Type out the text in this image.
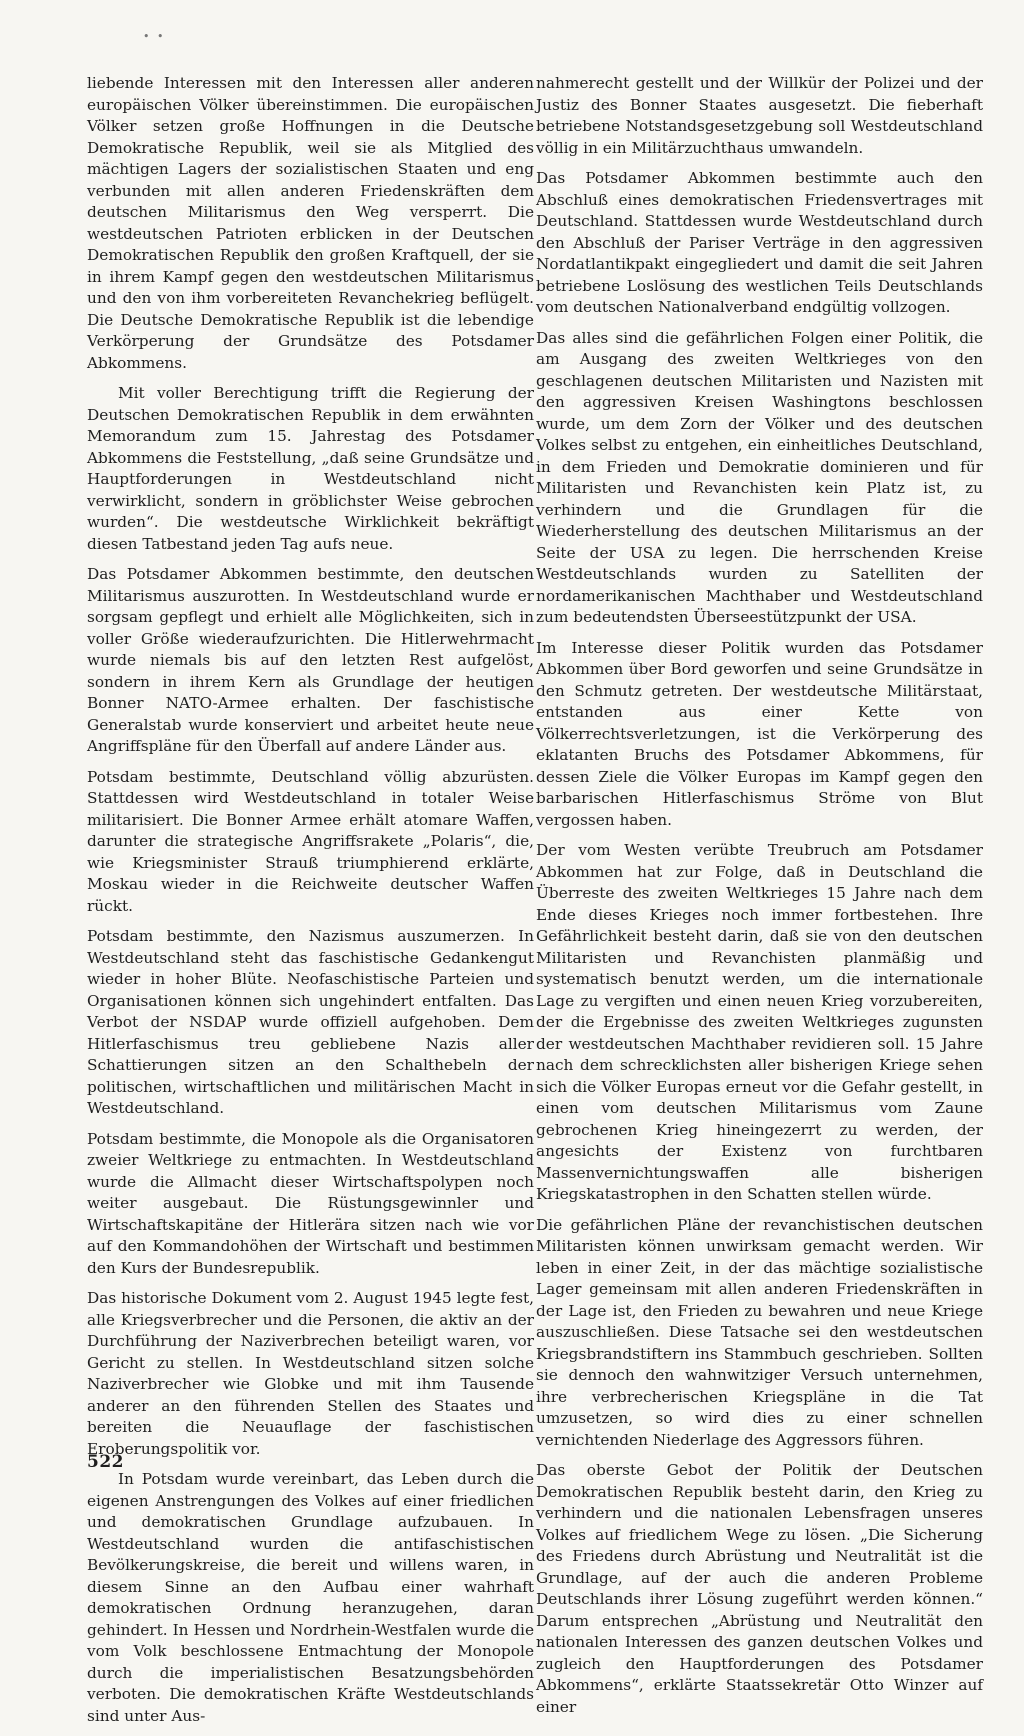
• •

liebende Interessen mit den Interessen aller anderen europäischen Völker übereinstimmen. Die europäischen Völker setzen große Hoffnungen in die Deutsche Demokratische Republik, weil sie als Mitglied des mächtigen Lagers der sozialistischen Staaten und eng verbunden mit allen anderen Friedenskräften dem deutschen Militarismus den Weg versperrt. Die westdeutschen Patrioten erblicken in der Deutschen Demokratischen Republik den großen Kraftquell, der sie in ihrem Kampf gegen den westdeutschen Militarismus und den von ihm vorbereiteten Revanchekrieg beflügelt. Die Deutsche Demokratische Republik ist die lebendige Verkörperung der Grundsätze des Potsdamer Abkommens.

Mit voller Berechtigung trifft die Regierung der Deutschen Demokratischen Republik in dem erwähnten Memorandum zum 15. Jahrestag des Potsdamer Abkommens die Feststellung, „daß seine Grundsätze und Hauptforderungen in Westdeutschland nicht verwirklicht, sondern in gröblichster Weise gebrochen wurden“. Die westdeutsche Wirklichkeit bekräftigt diesen Tatbestand jeden Tag aufs neue.

Das Potsdamer Abkommen bestimmte, den deutschen Militarismus auszurotten. In Westdeutschland wurde er sorgsam gepflegt und erhielt alle Möglichkeiten, sich in voller Größe wiederaufzurichten. Die Hitlerwehrmacht wurde niemals bis auf den letzten Rest aufgelöst, sondern in ihrem Kern als Grundlage der heutigen Bonner NATO-Armee erhalten. Der faschistische Generalstab wurde konserviert und arbeitet heute neue Angriffspläne für den Überfall auf andere Länder aus.

Potsdam bestimmte, Deutschland völlig abzurüsten. Stattdessen wird Westdeutschland in totaler Weise militarisiert. Die Bonner Armee erhält atomare Waffen, darunter die strategische Angriffsrakete „Polaris“, die, wie Kriegsminister Strauß triumphierend erklärte, Moskau wieder in die Reichweite deutscher Waffen rückt.

Potsdam bestimmte, den Nazismus auszumerzen. In Westdeutschland steht das faschistische Gedankengut wieder in hoher Blüte. Neofaschistische Parteien und Organisationen können sich ungehindert entfalten. Das Verbot der NSDAP wurde offiziell aufgehoben. Dem Hitlerfaschismus treu gebliebene Nazis aller Schattierungen sitzen an den Schalthebeln der politischen, wirtschaftlichen und militärischen Macht in Westdeutschland.

Potsdam bestimmte, die Monopole als die Organisatoren zweier Weltkriege zu entmachten. In Westdeutschland wurde die Allmacht dieser Wirtschaftspolypen noch weiter ausgebaut. Die Rüstungsgewinnler und Wirtschaftskapitäne der Hitlerära sitzen nach wie vor auf den Kommandohöhen der Wirtschaft und bestimmen den Kurs der Bundesrepublik.

Das historische Dokument vom 2. August 1945 legte fest, alle Kriegsverbrecher und die Personen, die aktiv an der Durchführung der Naziverbrechen beteiligt waren, vor Gericht zu stellen. In Westdeutschland sitzen solche Naziverbrecher wie Globke und mit ihm Tausende anderer an den führenden Stellen des Staates und bereiten die Neuauflage der faschistischen Eroberungspolitik vor.

In Potsdam wurde vereinbart, das Leben durch die eigenen Anstrengungen des Volkes auf einer friedlichen und demokratischen Grundlage aufzubauen. In Westdeutschland wurden die antifaschistischen Bevölkerungskreise, die bereit und willens waren, in diesem Sinne an den Aufbau einer wahrhaft demokratischen Ordnung heranzugehen, daran gehindert. In Hessen und Nordrhein-Westfalen wurde die vom Volk beschlossene Entmachtung der Monopole durch die imperialistischen Besatzungsbehörden verboten. Die demokratischen Kräfte Westdeutschlands sind unter Aus-

nahmerecht gestellt und der Willkür der Polizei und der Justiz des Bonner Staates ausgesetzt. Die fieberhaft betriebene Notstandsgesetzgebung soll Westdeutschland völlig in ein Militärzuchthaus umwandeln.

Das Potsdamer Abkommen bestimmte auch den Abschluß eines demokratischen Friedensvertrages mit Deutschland. Stattdessen wurde Westdeutschland durch den Abschluß der Pariser Verträge in den aggressiven Nordatlantikpakt eingegliedert und damit die seit Jahren betriebene Loslösung des westlichen Teils Deutschlands vom deutschen Nationalverband endgültig vollzogen.

Das alles sind die gefährlichen Folgen einer Politik, die am Ausgang des zweiten Weltkrieges von den geschlagenen deutschen Militaristen und Nazisten mit den aggressiven Kreisen Washingtons beschlossen wurde, um dem Zorn der Völker und des deutschen Volkes selbst zu entgehen, ein einheitliches Deutschland, in dem Frieden und Demokratie dominieren und für Militaristen und Revanchisten kein Platz ist, zu verhindern und die Grundlagen für die Wiederherstellung des deutschen Militarismus an der Seite der USA zu legen. Die herrschenden Kreise Westdeutschlands wurden zu Satelliten der nordamerikanischen Machthaber und Westdeutschland zum bedeutendsten Überseestützpunkt der USA.

Im Interesse dieser Politik wurden das Potsdamer Abkommen über Bord geworfen und seine Grundsätze in den Schmutz getreten. Der westdeutsche Militärstaat, entstanden aus einer Kette von Völkerrechtsverletzungen, ist die Verkörperung des eklatanten Bruchs des Potsdamer Abkommens, für dessen Ziele die Völker Europas im Kampf gegen den barbarischen Hitlerfaschismus Ströme von Blut vergossen haben.

Der vom Westen verübte Treubruch am Potsdamer Abkommen hat zur Folge, daß in Deutschland die Überreste des zweiten Weltkrieges 15 Jahre nach dem Ende dieses Krieges noch immer fortbestehen. Ihre Gefährlichkeit besteht darin, daß sie von den deutschen Militaristen und Revanchisten planmäßig und systematisch benutzt werden, um die internationale Lage zu vergiften und einen neuen Krieg vorzubereiten, der die Ergebnisse des zweiten Weltkrieges zugunsten der westdeutschen Machthaber revidieren soll. 15 Jahre nach dem schrecklichsten aller bisherigen Kriege sehen sich die Völker Europas erneut vor die Gefahr gestellt, in einen vom deutschen Militarismus vom Zaune gebrochenen Krieg hineingezerrt zu werden, der angesichts der Existenz von furchtbaren Massenvernichtungswaffen alle bisherigen Kriegskatastrophen in den Schatten stellen würde.

Die gefährlichen Pläne der revanchistischen deutschen Militaristen können unwirksam gemacht werden. Wir leben in einer Zeit, in der das mächtige sozialistische Lager gemeinsam mit allen anderen Friedenskräften in der Lage ist, den Frieden zu bewahren und neue Kriege auszuschließen. Diese Tatsache sei den westdeutschen Kriegsbrandstiftern ins Stammbuch geschrieben. Sollten sie dennoch den wahnwitziger Versuch unternehmen, ihre verbrecherischen Kriegspläne in die Tat umzusetzen, so wird dies zu einer schnellen vernichtenden Niederlage des Aggressors führen.

Das oberste Gebot der Politik der Deutschen Demokratischen Republik besteht darin, den Krieg zu verhindern und die nationalen Lebensfragen unseres Volkes auf friedlichem Wege zu lösen. „Die Sicherung des Friedens durch Abrüstung und Neutralität ist die Grundlage, auf der auch die anderen Probleme Deutschlands ihrer Lösung zugeführt werden können.“ Darum entsprechen „Abrüstung und Neutralität den nationalen Interessen des ganzen deutschen Volkes und zugleich den Hauptforderungen des Potsdamer Abkommens“, erklärte Staatssekretär Otto Winzer auf einer

522
